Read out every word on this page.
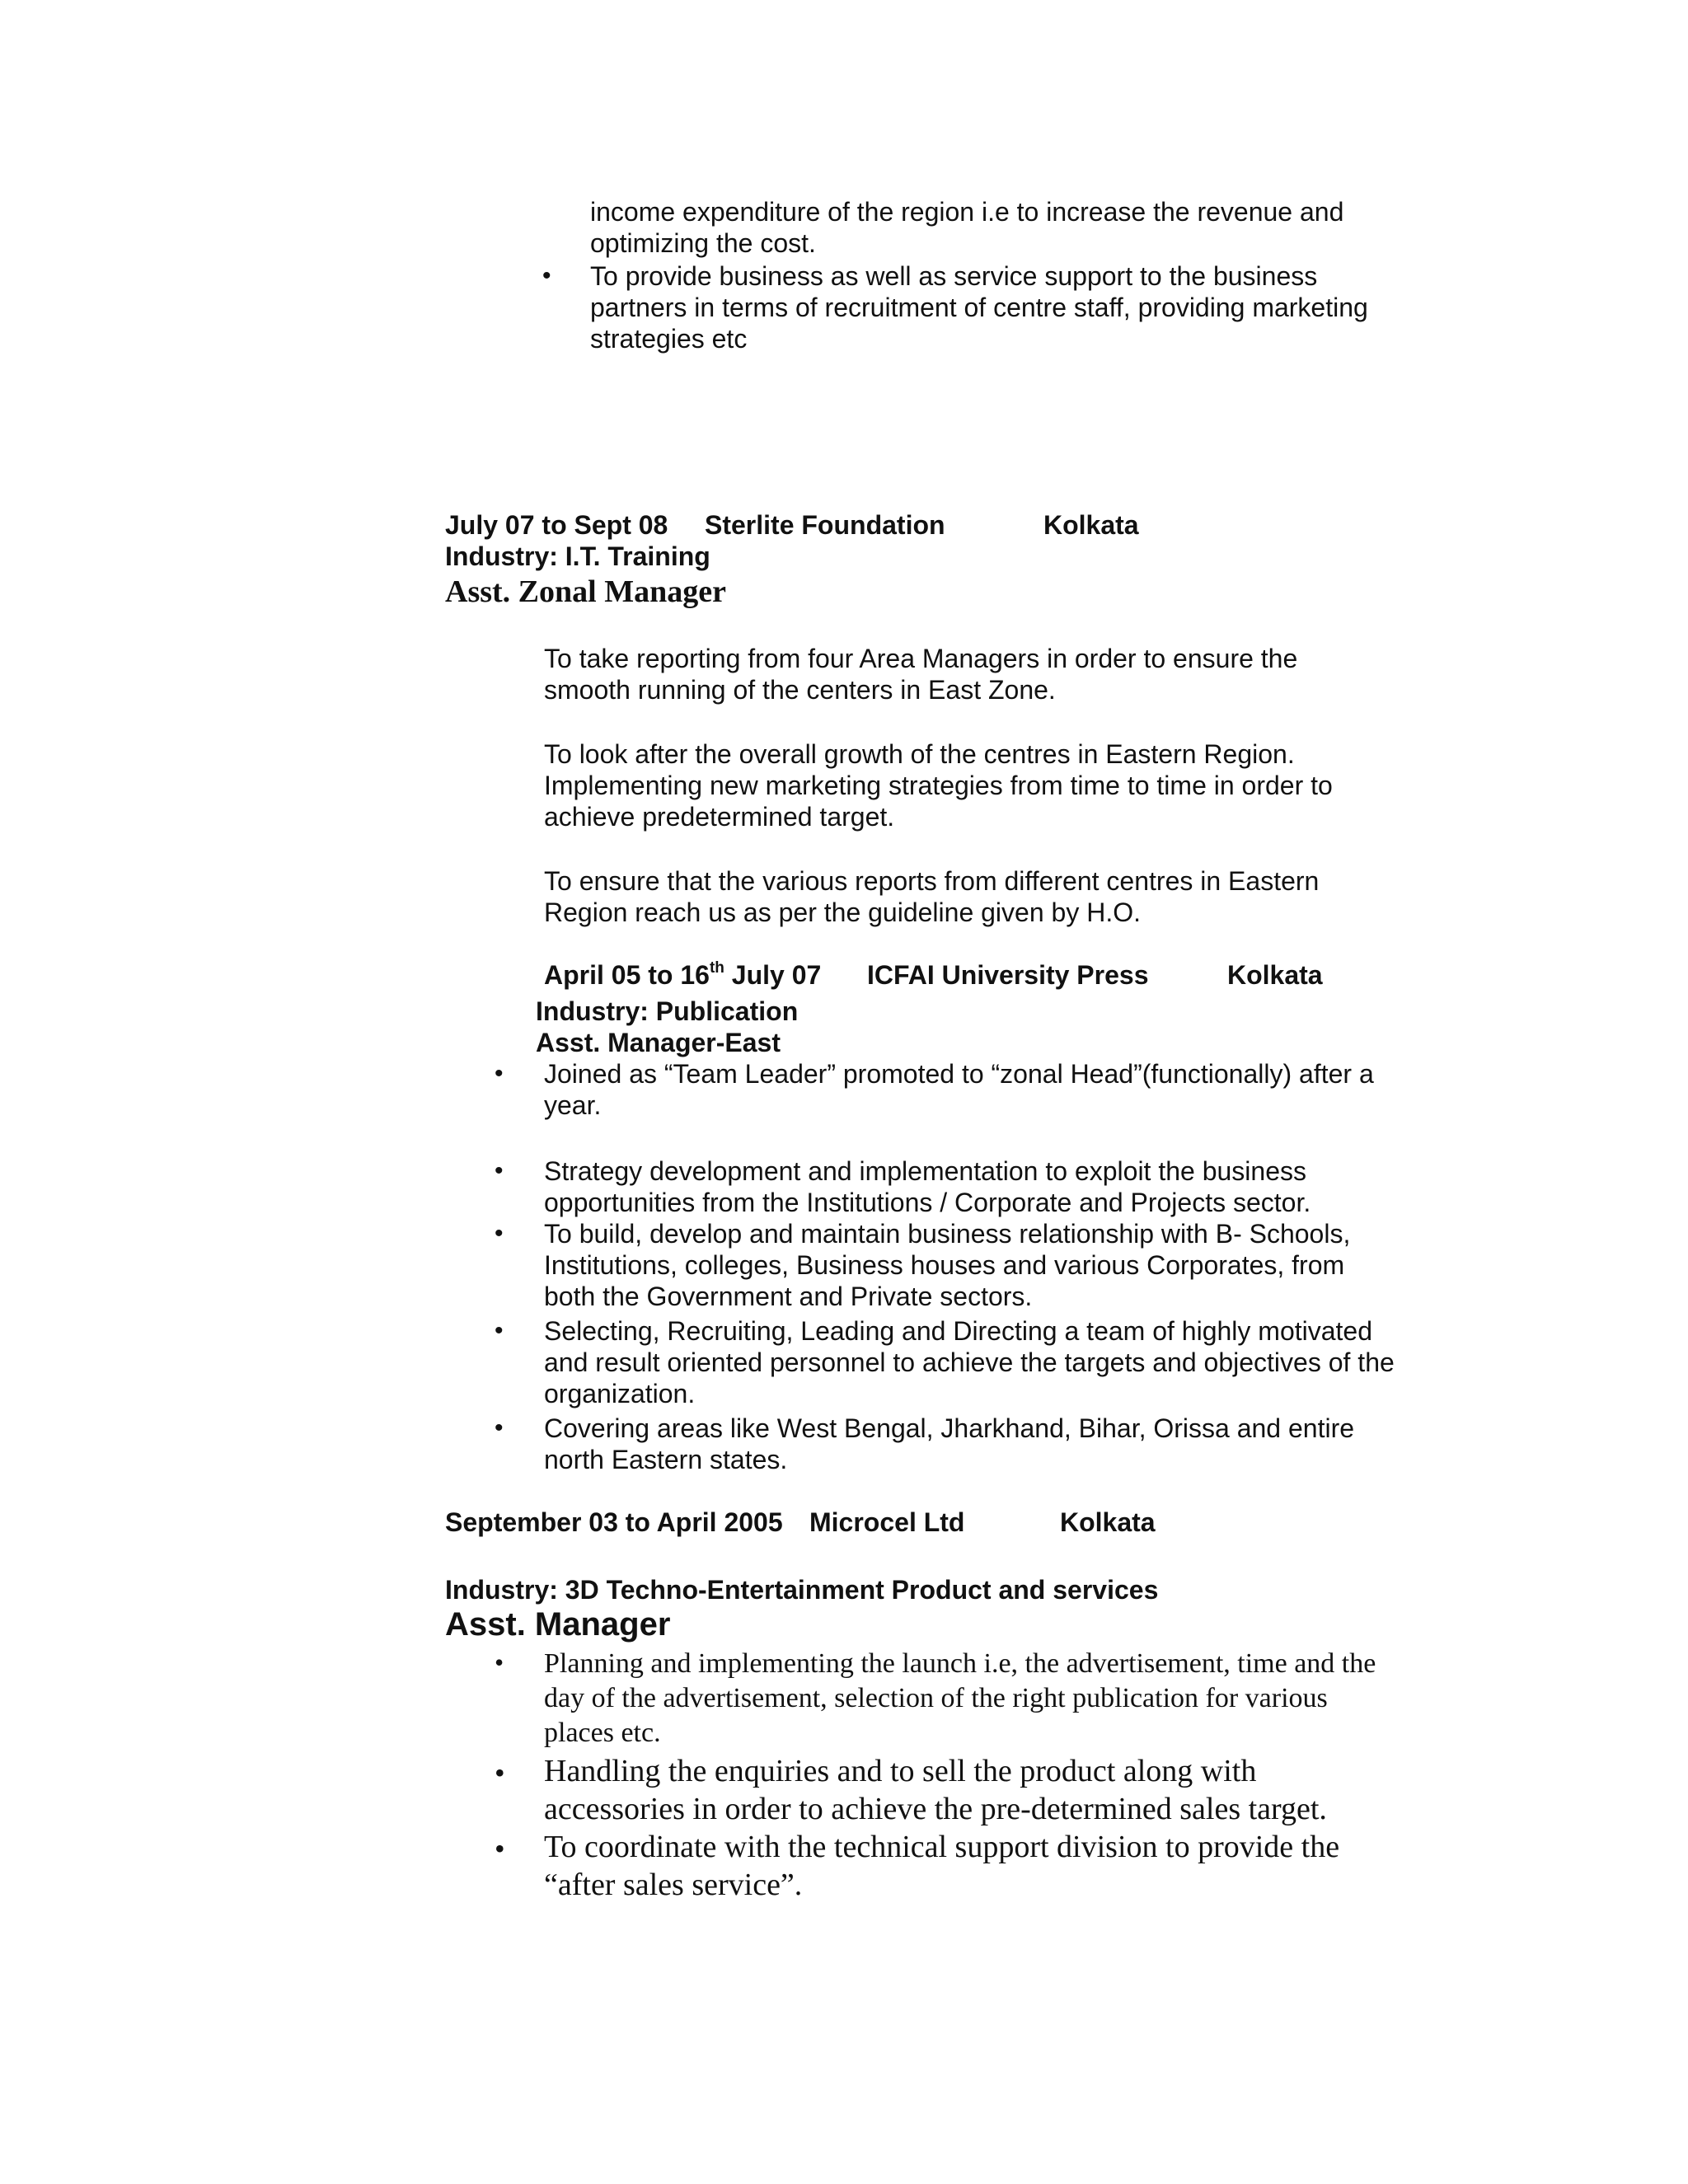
income expenditure of the region i.e to increase the revenue and optimizing the cost.
• To provide business as well as service support to the business partners in terms of recruitment of centre staff, providing marketing strategies etc
July 07 to Sept 08 Sterlite Foundation	Kolkata
Industry: I.T. Training
Asst. Zonal Manager
To take reporting from four Area Managers in order to ensure the smooth running of the centers in East Zone.
To look after the overall growth of the centres in Eastern Region. Implementing new marketing strategies from time to time in order to achieve predetermined target.
To ensure that the various reports from different centres in Eastern Region reach us as per the guideline given by H.O.
April 05 to 16th July 07 ICFAI University Press	Kolkata
Industry: Publication
Asst. Manager-East
• Joined as “Team Leader” promoted to “zonal Head”(functionally) after a year.
• Strategy development and implementation to exploit the business opportunities from the Institutions / Corporate and Projects sector.
• To build, develop and maintain business relationship with B- Schools, Institutions, colleges, Business houses and various Corporates, from both the Government and Private sectors.
• Selecting, Recruiting, Leading and Directing a team of highly motivated and result oriented personnel to achieve the targets and objectives of the organization.
• Covering areas like West Bengal, Jharkhand, Bihar, Orissa and entire north Eastern states.
September 03 to April 2005 Microcel Ltd	Kolkata
Industry: 3D Techno-Entertainment Product and services
Asst. Manager
• Planning and implementing the launch i.e, the advertisement, time and the day of the advertisement, selection of the right publication for various places etc.
• Handling the enquiries and to sell the product along with accessories in order to achieve the pre-determined sales target.
• To coordinate with the technical support division to provide the “after sales service”.
